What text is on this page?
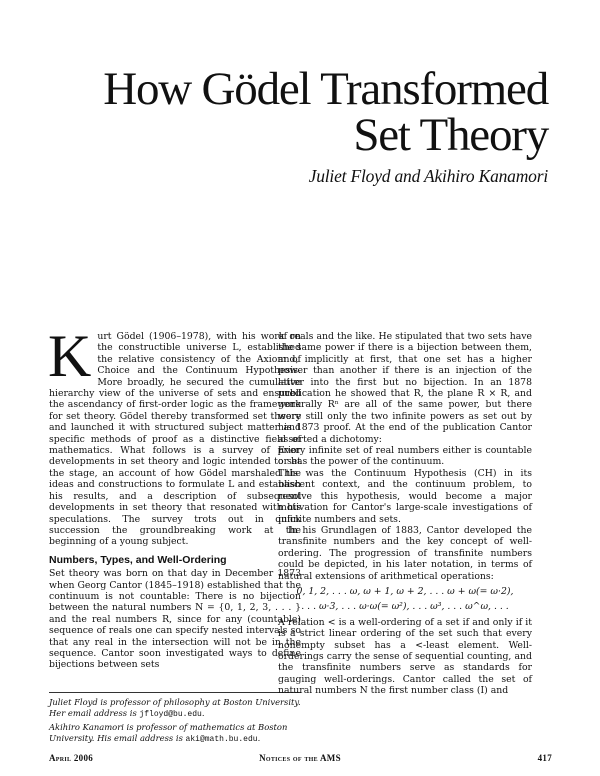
How Gödel Transformed
Set Theory
Juliet Floyd and Akihiro Kanamori

Kurt Gödel (1906–1978), with his work on the constructible universe L, established the relative consistency of the Axiom of Choice and the Continuum Hypothesis. More broadly, he secured the cumulative hierarchy view of the universe of sets and ensured the ascendancy of first-order logic as the framework for set theory. Gödel thereby transformed set theory and launched it with structured subject matter and specific methods of proof as a distinctive field of mathematics. What follows is a survey of prior developments in set theory and logic intended to set the stage, an account of how Gödel marshaled the ideas and constructions to formulate L and establish his results, and a description of subsequent developments in set theory that resonated with his speculations. The survey trots out in quick succession the groundbreaking work at the beginning of a young subject.

Numbers, Types, and Well-Ordering

Set theory was born on that day in December 1873 when Georg Cantor (1845–1918) established that the continuum is not countable: There is no bijection between the natural numbers N = {0, 1, 2, 3, . . . } and the real numbers R, since for any (countable) sequence of reals one can specify nested intervals so that any real in the intersection will not be in the sequence. Cantor soon investigated ways to define bijections between sets

Juliet Floyd is professor of philosophy at Boston University. Her email address is jfloyd@bu.edu.

Akihiro Kanamori is professor of mathematics at Boston University. His email address is aki@math.bu.edu.

of reals and the like. He stipulated that two sets have the same power if there is a bijection between them, and, implicitly at first, that one set has a higher power than another if there is an injection of the latter into the first but no bijection. In an 1878 publication he showed that R, the plane R × R, and generally Rⁿ are all of the same power, but there were still only the two infinite powers as set out by his 1873 proof. At the end of the publication Cantor asserted a dichotomy:

Every infinite set of real numbers either is countable or has the power of the continuum.

This was the Continuum Hypothesis (CH) in its nascent context, and the continuum problem, to resolve this hypothesis, would become a major motivation for Cantor's large-scale investigations of infinite numbers and sets.

In his Grundlagen of 1883, Cantor developed the transfinite numbers and the key concept of well-ordering. The progression of transfinite numbers could be depicted, in his later notation, in terms of natural extensions of arithmetical operations:

0, 1, 2, . . . ω, ω + 1, ω + 2, . . . ω + ω(= ω·2),
. . . ω·3, . . . ω·ω(= ω²), . . . ω³, . . . ω^ω, . . .

A relation < is a well-ordering of a set if and only if it is a strict linear ordering of the set such that every nonempty subset has a <-least element. Well-orderings carry the sense of sequential counting, and the transfinite numbers serve as standards for gauging well-orderings. Cantor called the set of natural numbers N the first number class (I) and

April 2006	Notices of the AMS	417
